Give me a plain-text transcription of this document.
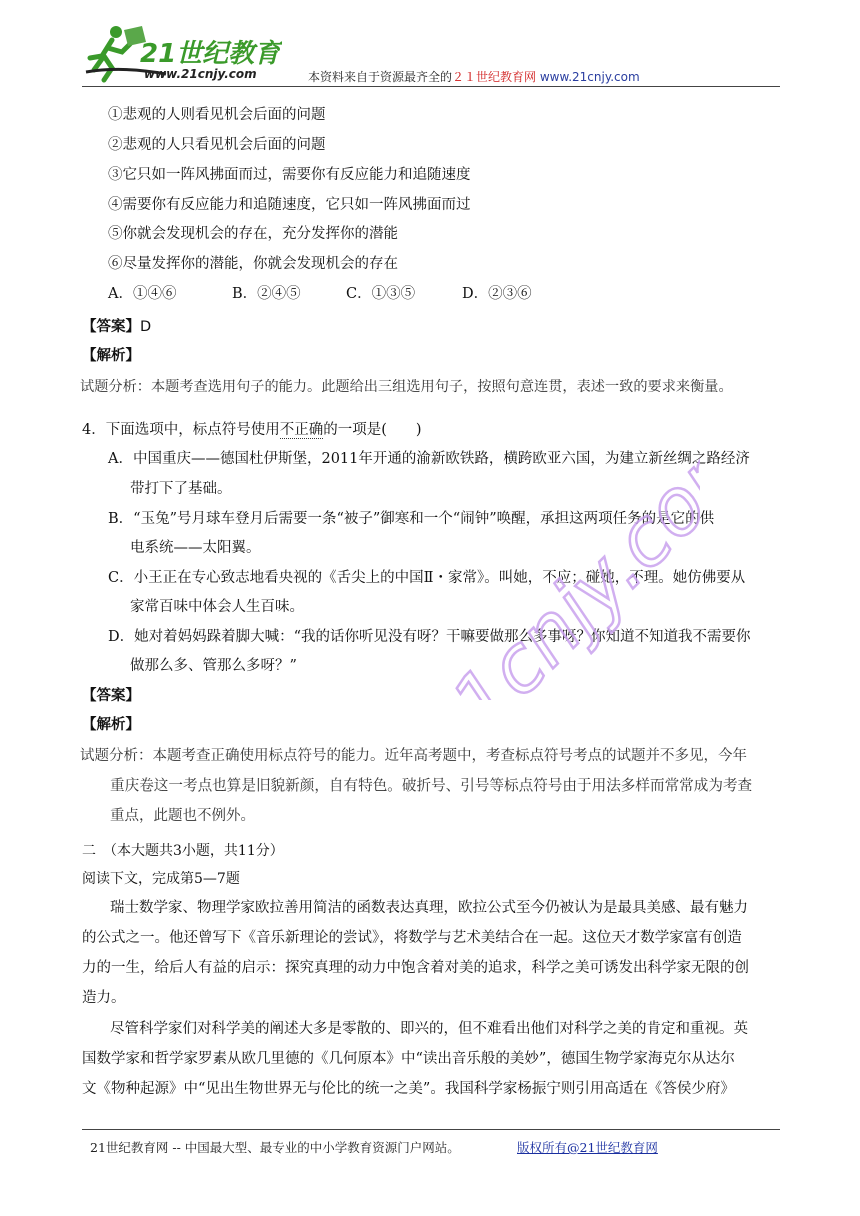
21世纪教育
www.21cnjy.com	本资料来自于资源最齐全的２１世纪教育网 www.21cnjy.com
①悲观的人则看见机会后面的问题
②悲观的人只看见机会后面的问题
③它只如一阵风拂面而过，需要你有反应能力和追随速度
④需要你有反应能力和追随速度，它只如一阵风拂面而过
⑤你就会发现机会的存在，充分发挥你的潜能
⑥尽量发挥你的潜能，你就会发现机会的存在
A．①④⑥	B．②④⑤	C．①③⑤	D．②③⑥
【答案】D
【解析】
试题分析：本题考查选用句子的能力。此题给出三组选用句子，按照句意连贯，表述一致的要求来衡量。
4．下面选项中，标点符号使用不正确的一项是(　　)
A．中国重庆——德国杜伊斯堡，2011年开通的渝新欧铁路，横跨欧亚六国，为建立新丝绸之路经济
带打下了基础。
B．“玉兔”号月球车登月后需要一条“被子”御寒和一个“闹钟”唤醒，承担这两项任务的是它的供
电系统——太阳翼。
C．小王正在专心致志地看央视的《舌尖上的中国Ⅱ・家常》。叫她，不应；碰她，不理。她仿佛要从
家常百味中体会人生百味。
D．她对着妈妈跺着脚大喊：“我的话你听见没有呀？干嘛要做那么多事呀？你知道不知道我不需要你
做那么多、管那么多呀？”
【答案】
【解析】
试题分析：本题考查正确使用标点符号的能力。近年高考题中，考查标点符号考点的试题并不多见，今年
重庆卷这一考点也算是旧貌新颜，自有特色。破折号、引号等标点符号由于用法多样而常常成为考查
重点，此题也不例外。
二　（本大题共3小题，共11分）
阅读下文，完成第5—7题
瑞士数学家、物理学家欧拉善用简洁的函数表达真理，欧拉公式至今仍被认为是最具美感、最有魅力
的公式之一。他还曾写下《音乐新理论的尝试》，将数学与艺术美结合在一起。这位天才数学家富有创造
力的一生，给后人有益的启示：探究真理的动力中饱含着对美的追求，科学之美可诱发出科学家无限的创
造力。
尽管科学家们对科学美的阐述大多是零散的、即兴的，但不难看出他们对科学之美的肯定和重视。英
国数学家和哲学家罗素从欧几里德的《几何原本》中“读出音乐般的美妙”，德国生物学家海克尔从达尔
文《物种起源》中“见出生物世界无与伦比的统一之美”。我国科学家杨振宁则引用高适在《答侯少府》
21cnjy.com
21世纪教育网 -- 中国最大型、最专业的中小学教育资源门户网站。	版权所有@21世纪教育网
